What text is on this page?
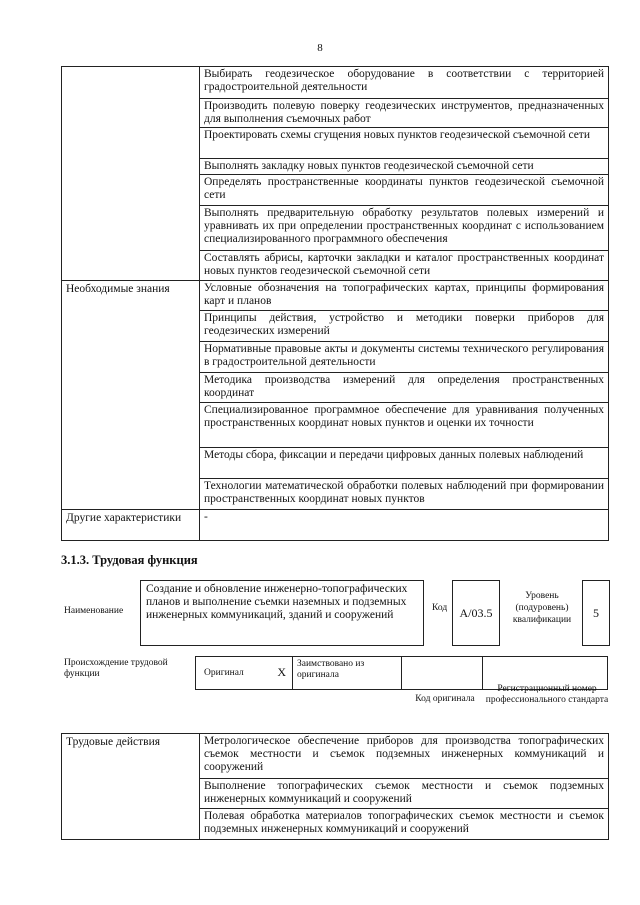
8

	Выбирать геодезическое оборудование в соответствии с территорией градостроительной деятельности

	Производить полевую поверку геодезических инструментов, предназначенных для выполнения съемочных работ

	Проектировать схемы сгущения новых пунктов геодезической съемочной сети

	Выполнять закладку новых пунктов геодезической съемочной сети

	Определять пространственные координаты пунктов геодезической съемочной сети

	Выполнять предварительную обработку результатов полевых измерений и уравнивать их при определении пространственных координат с использованием специализированного программного обеспечения

	Составлять абрисы, карточки закладки и каталог пространственных координат новых пунктов геодезической съемочной сети

Необходимые знания	Условные обозначения на топографических картах, принципы формирования карт и планов

	Принципы действия, устройство и методики поверки приборов для геодезических измерений

	Нормативные правовые акты и документы системы технического регулирования в градостроительной деятельности

	Методика производства измерений для определения пространственных координат

	Специализированное программное обеспечение для уравнивания полученных пространственных координат новых пунктов и оценки их точности

	Методы сбора, фиксации и передачи цифровых данных полевых наблюдений

	Технологии математической обработки полевых наблюдений при формировании пространственных координат новых пунктов

Другие характеристики	-
3.1.3. Трудовая функция
Наименование
Создание и обновление инженерно-топографических планов и выполнение съемки наземных и подземных инженерных коммуникаций, зданий и сооружений
Код А/03.5
Уровень (подуровень) квалификации
5
Происхождение трудовой функции	Оригинал	X
Заимствовано из оригинала
Код оригинала
Регистрационный номер профессионального стандарта
Трудовые действия	Метрологическое обеспечение приборов для производства топографических съемок местности и съемок подземных инженерных коммуникаций и сооружений

Выполнение топографических съемок местности и съемок подземных инженерных коммуникаций и сооружений

Полевая обработка материалов топографических съемок местности и съемок подземных инженерных коммуникаций и сооружений
